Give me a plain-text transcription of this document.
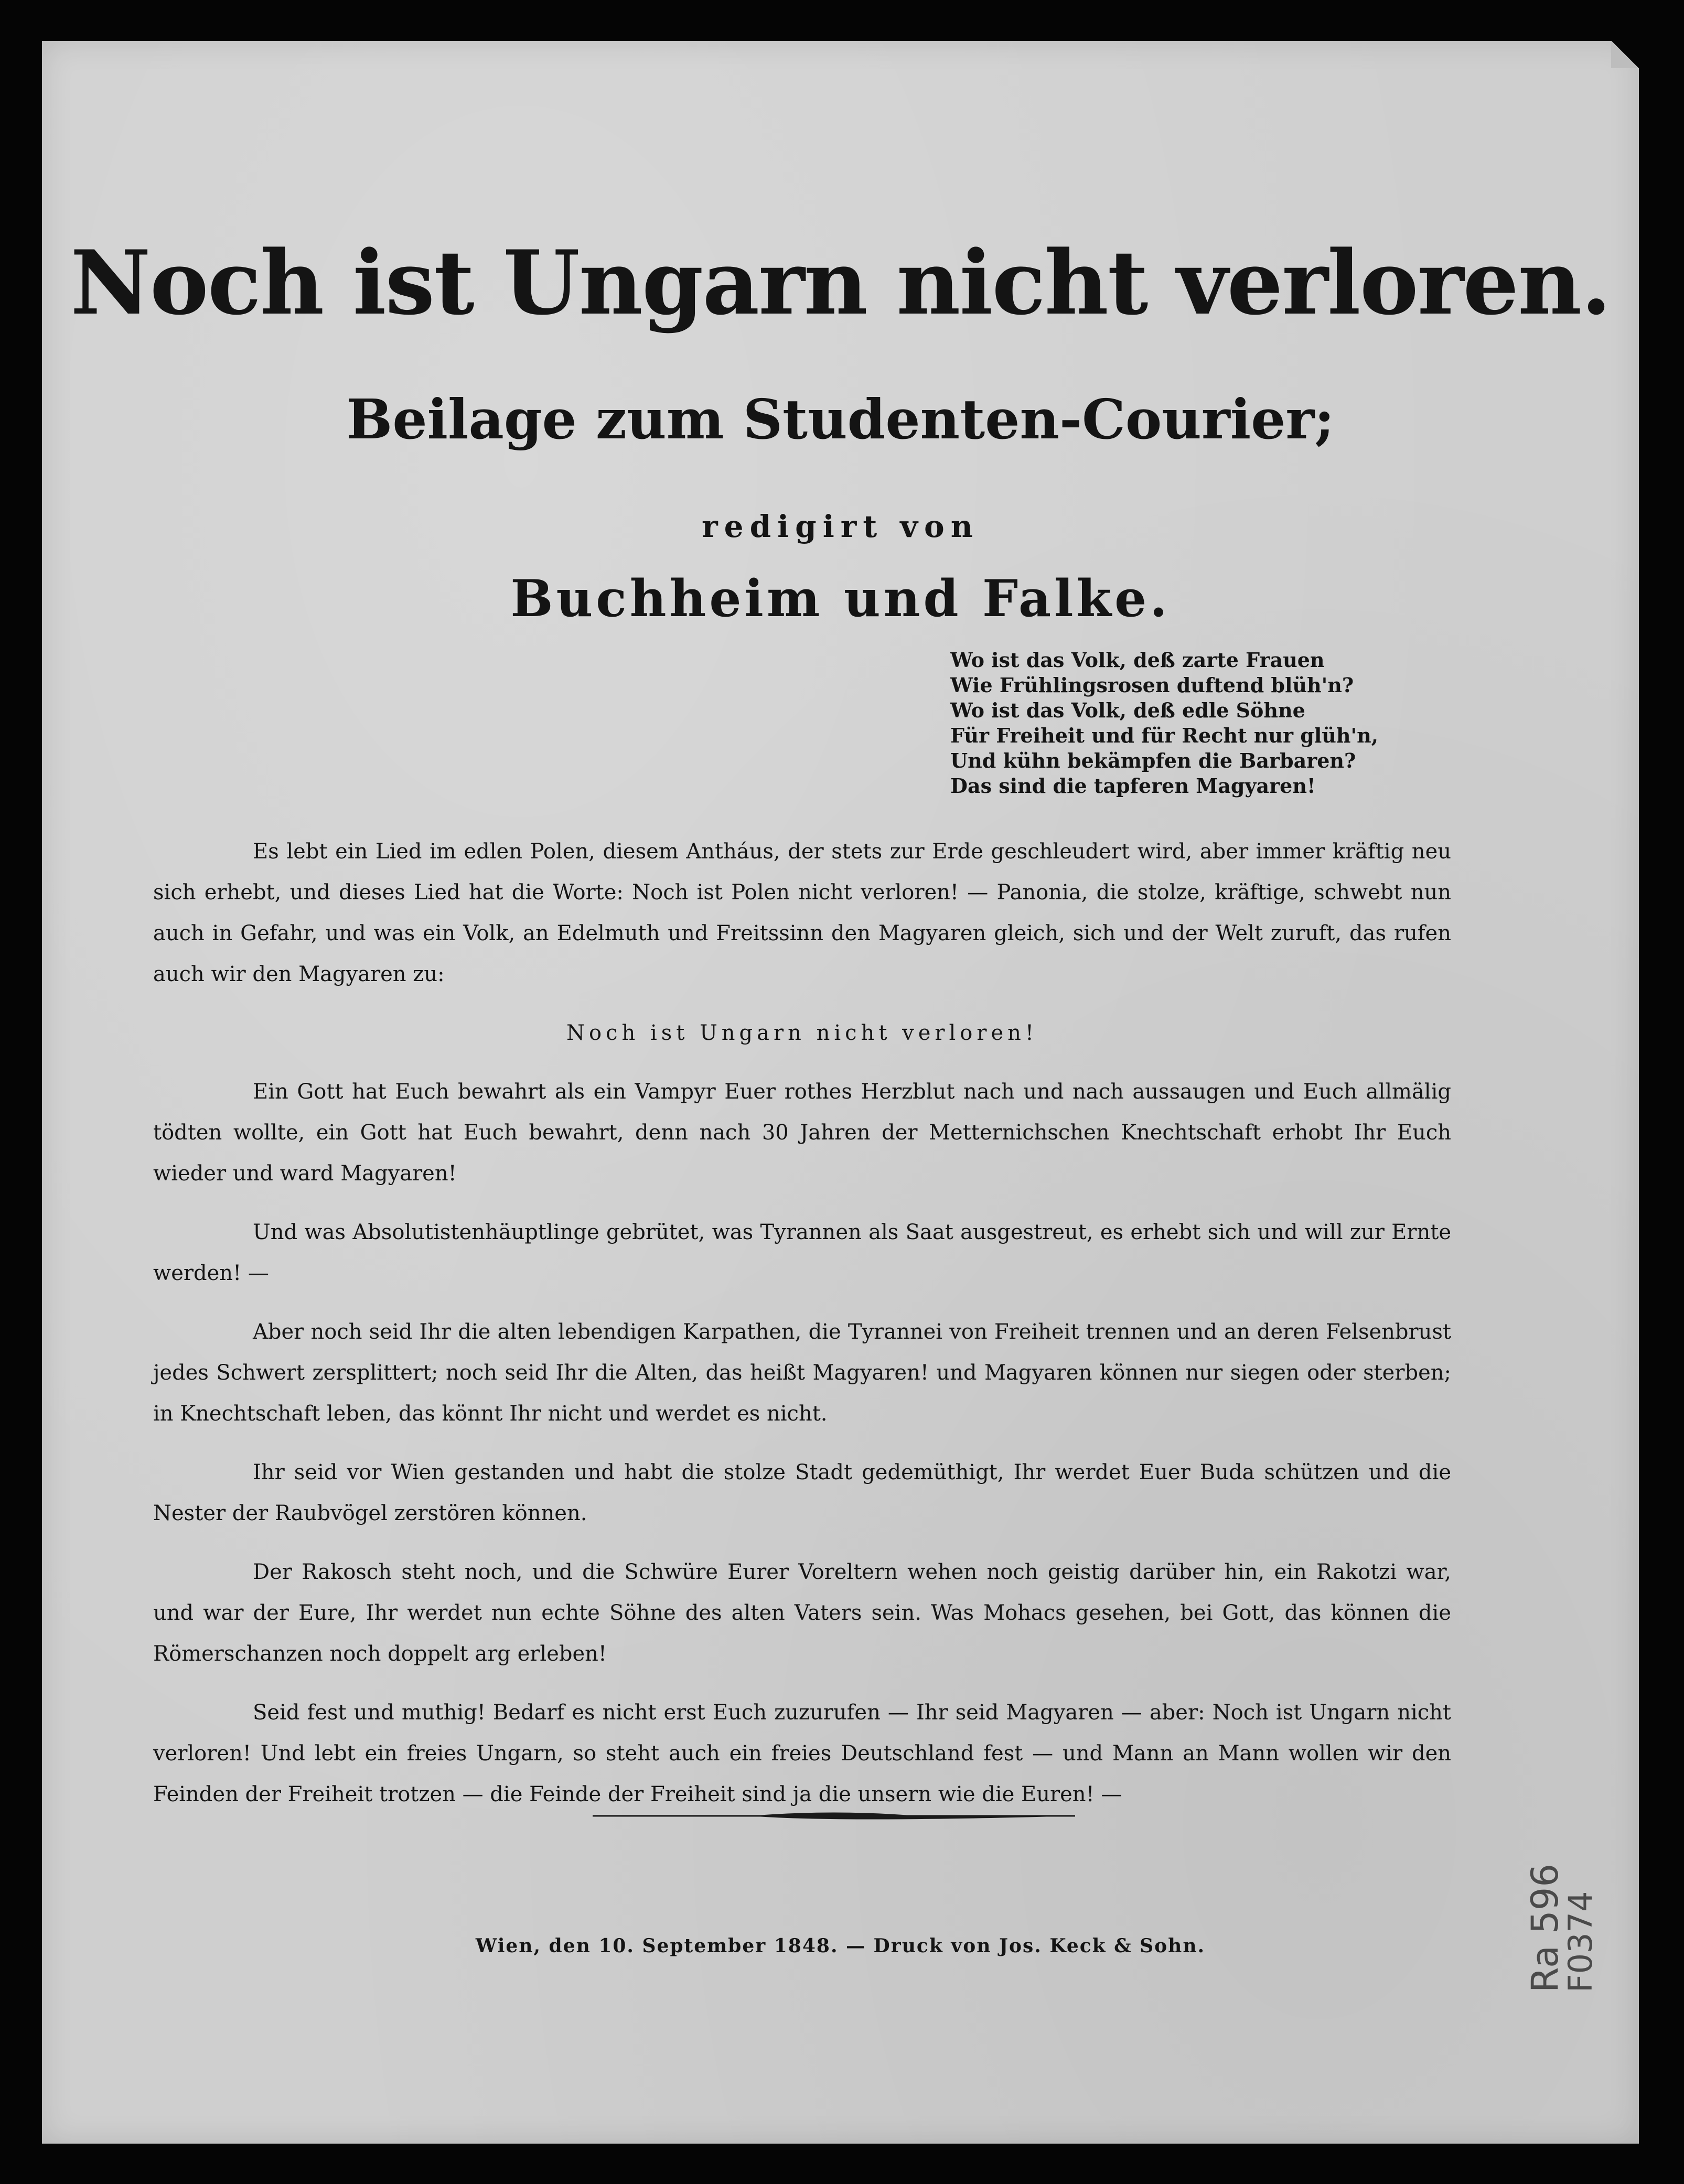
Noch ist Ungarn nicht verloren.
Beilage zum Studenten-Courier;
redigirt von
Buchheim und Falke.
Wo ist das Volk, deß zarte Frauen
Wie Frühlingsrosen duftend blüh'n?
Wo ist das Volk, deß edle Söhne
Für Freiheit und für Recht nur glüh'n,
Und kühn bekämpfen die Barbaren?
Das sind die tapferen Magyaren!

Es lebt ein Lied im edlen Polen, diesem Antháus, der stets zur Erde geschleudert wird, aber immer kräftig neu sich erhebt, und dieses Lied hat die Worte: Noch ist Polen nicht verloren! — Panonia, die stolze, kräftige, schwebt nun auch in Gefahr, und was ein Volk, an Edelmuth und Freitssinn den Magyaren gleich, sich und der Welt zuruft, das rufen auch wir den Magyaren zu:

Noch ist Ungarn nicht verloren!

Ein Gott hat Euch bewahrt als ein Vampyr Euer rothes Herzblut nach und nach aussaugen und Euch allmälig tödten wollte, ein Gott hat Euch bewahrt, denn nach 30 Jahren der Metternichschen Knechtschaft erhobt Ihr Euch wieder und ward Magyaren!

Und was Absolutistenhäuptlinge gebrütet, was Tyrannen als Saat ausgestreut, es erhebt sich und will zur Ernte werden! —

Aber noch seid Ihr die alten lebendigen Karpathen, die Tyrannei von Freiheit trennen und an deren Felsenbrust jedes Schwert zersplittert; noch seid Ihr die Alten, das heißt Magyaren! und Magyaren können nur siegen oder sterben; in Knechtschaft leben, das könnt Ihr nicht und werdet es nicht.

Ihr seid vor Wien gestanden und habt die stolze Stadt gedemüthigt, Ihr werdet Euer Buda schützen und die Nester der Raubvögel zerstören können.

Der Rakosch steht noch, und die Schwüre Eurer Voreltern wehen noch geistig darüber hin, ein Rakotzi war, und war der Eure, Ihr werdet nun echte Söhne des alten Vaters sein. Was Mohacs gesehen, bei Gott, das können die Römerschanzen noch doppelt arg erleben!

Seid fest und muthig! Bedarf es nicht erst Euch zuzurufen — Ihr seid Magyaren — aber: Noch ist Ungarn nicht verloren! Und lebt ein freies Ungarn, so steht auch ein freies Deutschland fest — und Mann an Mann wollen wir den Feinden der Freiheit trotzen — die Feinde der Freiheit sind ja die unsern wie die Euren! —

Wien, den 10. September 1848. — Druck von Jos. Keck & Sohn.	Ra 596
F0374
